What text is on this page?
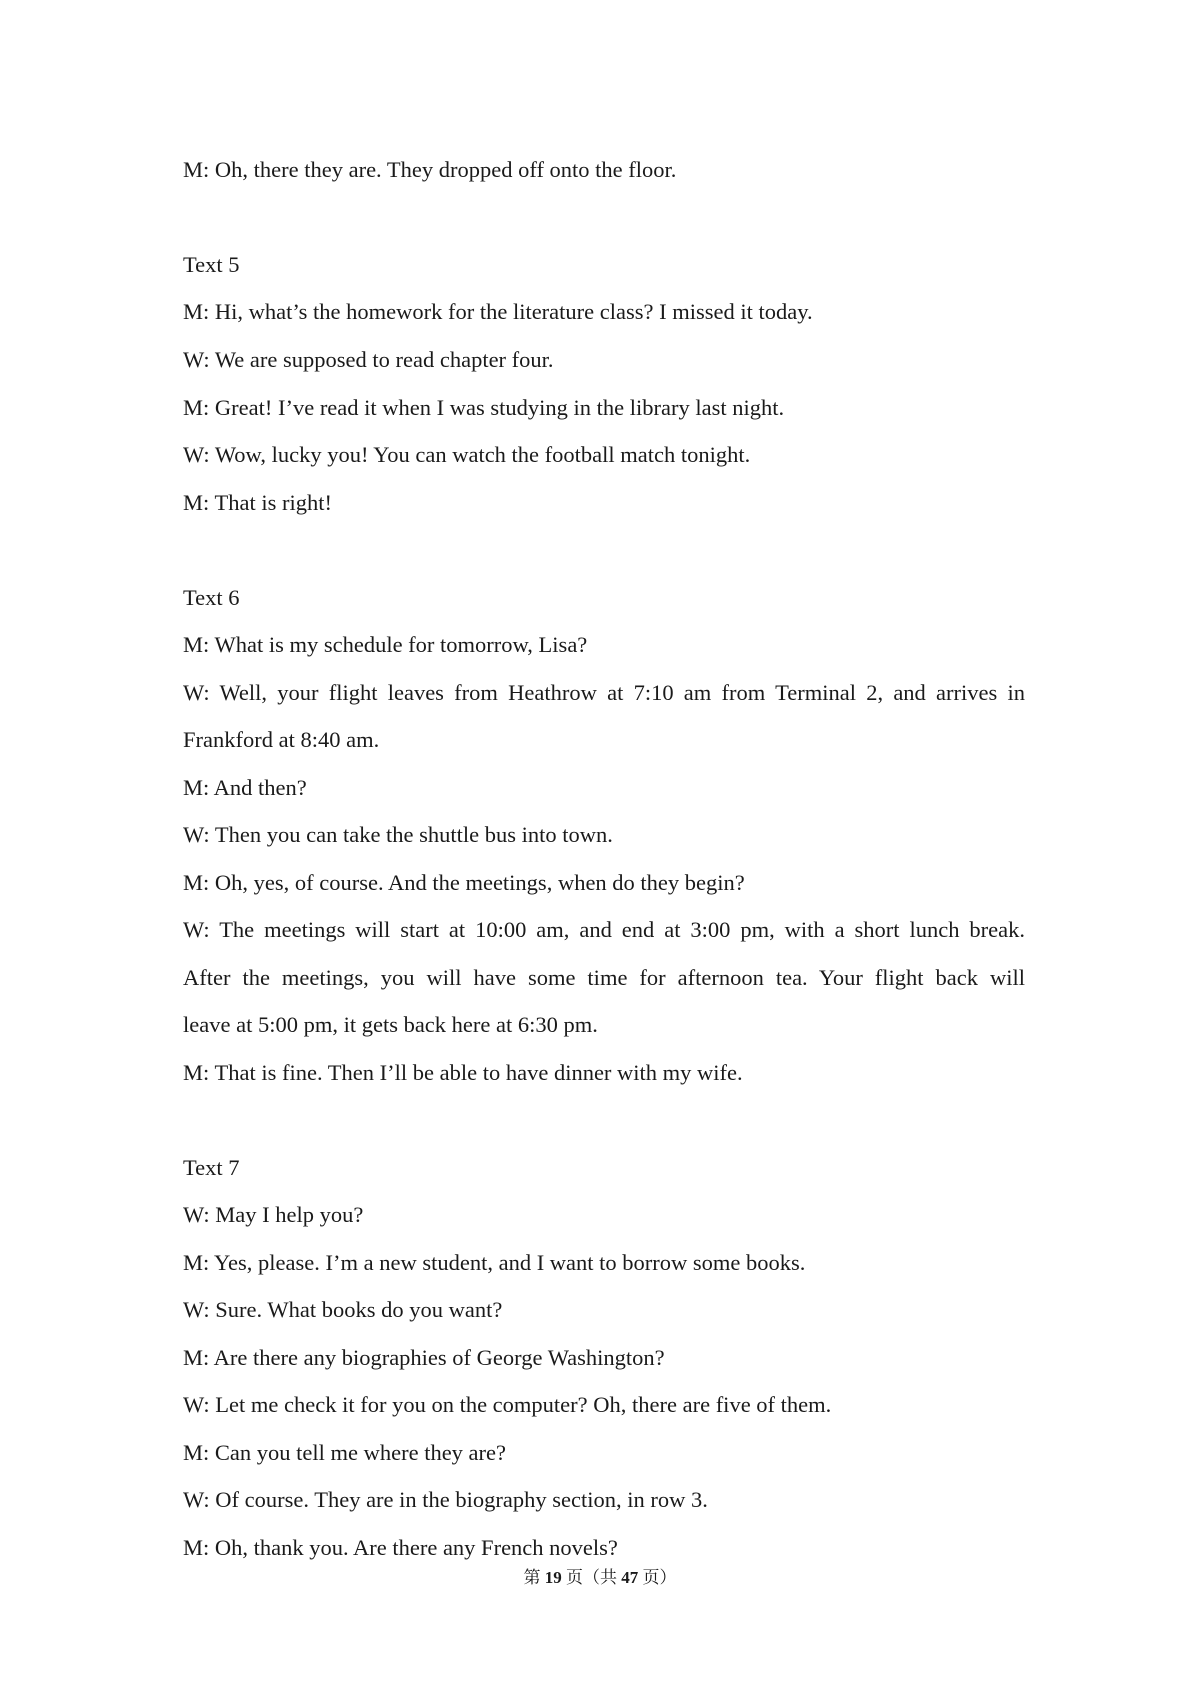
M: Oh, there they are. They dropped off onto the floor.
Text 5
M: Hi, what’s the homework for the literature class? I missed it today.
W: We are supposed to read chapter four.
M: Great! I’ve read it when I was studying in the library last night.
W: Wow, lucky you! You can watch the football match tonight.
M: That is right!
Text 6
M: What is my schedule for tomorrow, Lisa?
W: Well, your flight leaves from Heathrow at 7:10 am from Terminal 2, and arrives in
Frankford at 8:40 am.
M: And then?
W: Then you can take the shuttle bus into town.
M: Oh, yes, of course. And the meetings, when do they begin?
W: The meetings will start at 10:00 am, and end at 3:00 pm, with a short lunch break.
After the meetings, you will have some time for afternoon tea. Your flight back will
leave at 5:00 pm, it gets back here at 6:30 pm.
M: That is fine. Then I’ll be able to have dinner with my wife.
Text 7
W: May I help you?
M: Yes, please. I’m a new student, and I want to borrow some books.
W: Sure. What books do you want?
M: Are there any biographies of George Washington?
W: Let me check it for you on the computer? Oh, there are five of them.
M: Can you tell me where they are?
W: Of course. They are in the biography section, in row 3.
M: Oh, thank you. Are there any French novels?
第 19 页（共 47 页）
